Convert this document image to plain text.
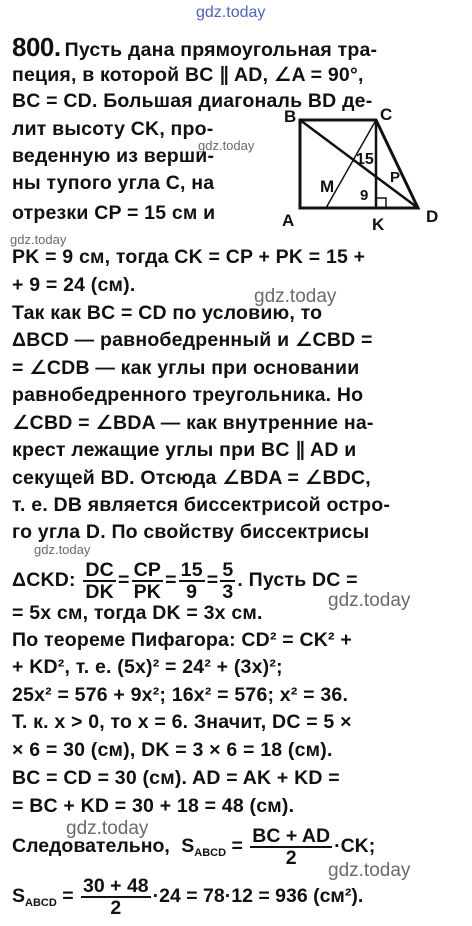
gdz.today
gdz.today
gdz.today
gdz.today
gdz.today
gdz.today
gdz.today
gdz.today
800. Пусть дана прямоугольная тра-
пеция, в которой BC ∥ AD, ∠A = 90°,
BC = CD. Большая диагональ BD де-
лит высоту CK, про-
веденную из верши-
ны тупого угла C, на
отрезки CP = 15 см и
PK = 9 см, тогда CK = CP + PK = 15 +
+ 9 = 24 (см).
Так как BC = CD по условию, то
ΔBCD — равнобедренный и ∠CBD =
= ∠CDB — как углы при основании
равнобедренного треугольника. Но
∠CBD = ∠BDA — как внутренние на-
крест лежащие углы при BC ∥ AD и
секущей BD. Отсюда ∠BDA = ∠BDC,
т. е. DB является биссектрисой остро-
го угла D. По свойству биссектрисы
ΔCKD: $\frac{DC}{DK} = \frac{CP}{PK} = \frac{15}{9} = \frac{5}{3}$ . Пусть DC =
= 5x см, тогда DK = 3x см.
По теореме Пифагора: CD² = CK² +
+ KD², т. е. (5x)² = 24² + (3x)²;
25x² = 576 + 9x²; 16x² = 576; x² = 36.
Т. к. x > 0, то x = 6. Значит, DC = 5 ×
× 6 = 30 (см), DK = 3 × 6 = 18 (см).
BC = CD = 30 (см). AD = AK + KD =
= BC + KD = 30 + 18 = 48 (см).
Следовательно, $S_{ABCD} = \frac{BC + AD}{2} \cdot CK$;
$S_{ABCD} = \frac{30 + 48}{2} \cdot 24 = 78\cdot 12 = 936$ (см²).
B	C
A	K D
M	P
15
9
